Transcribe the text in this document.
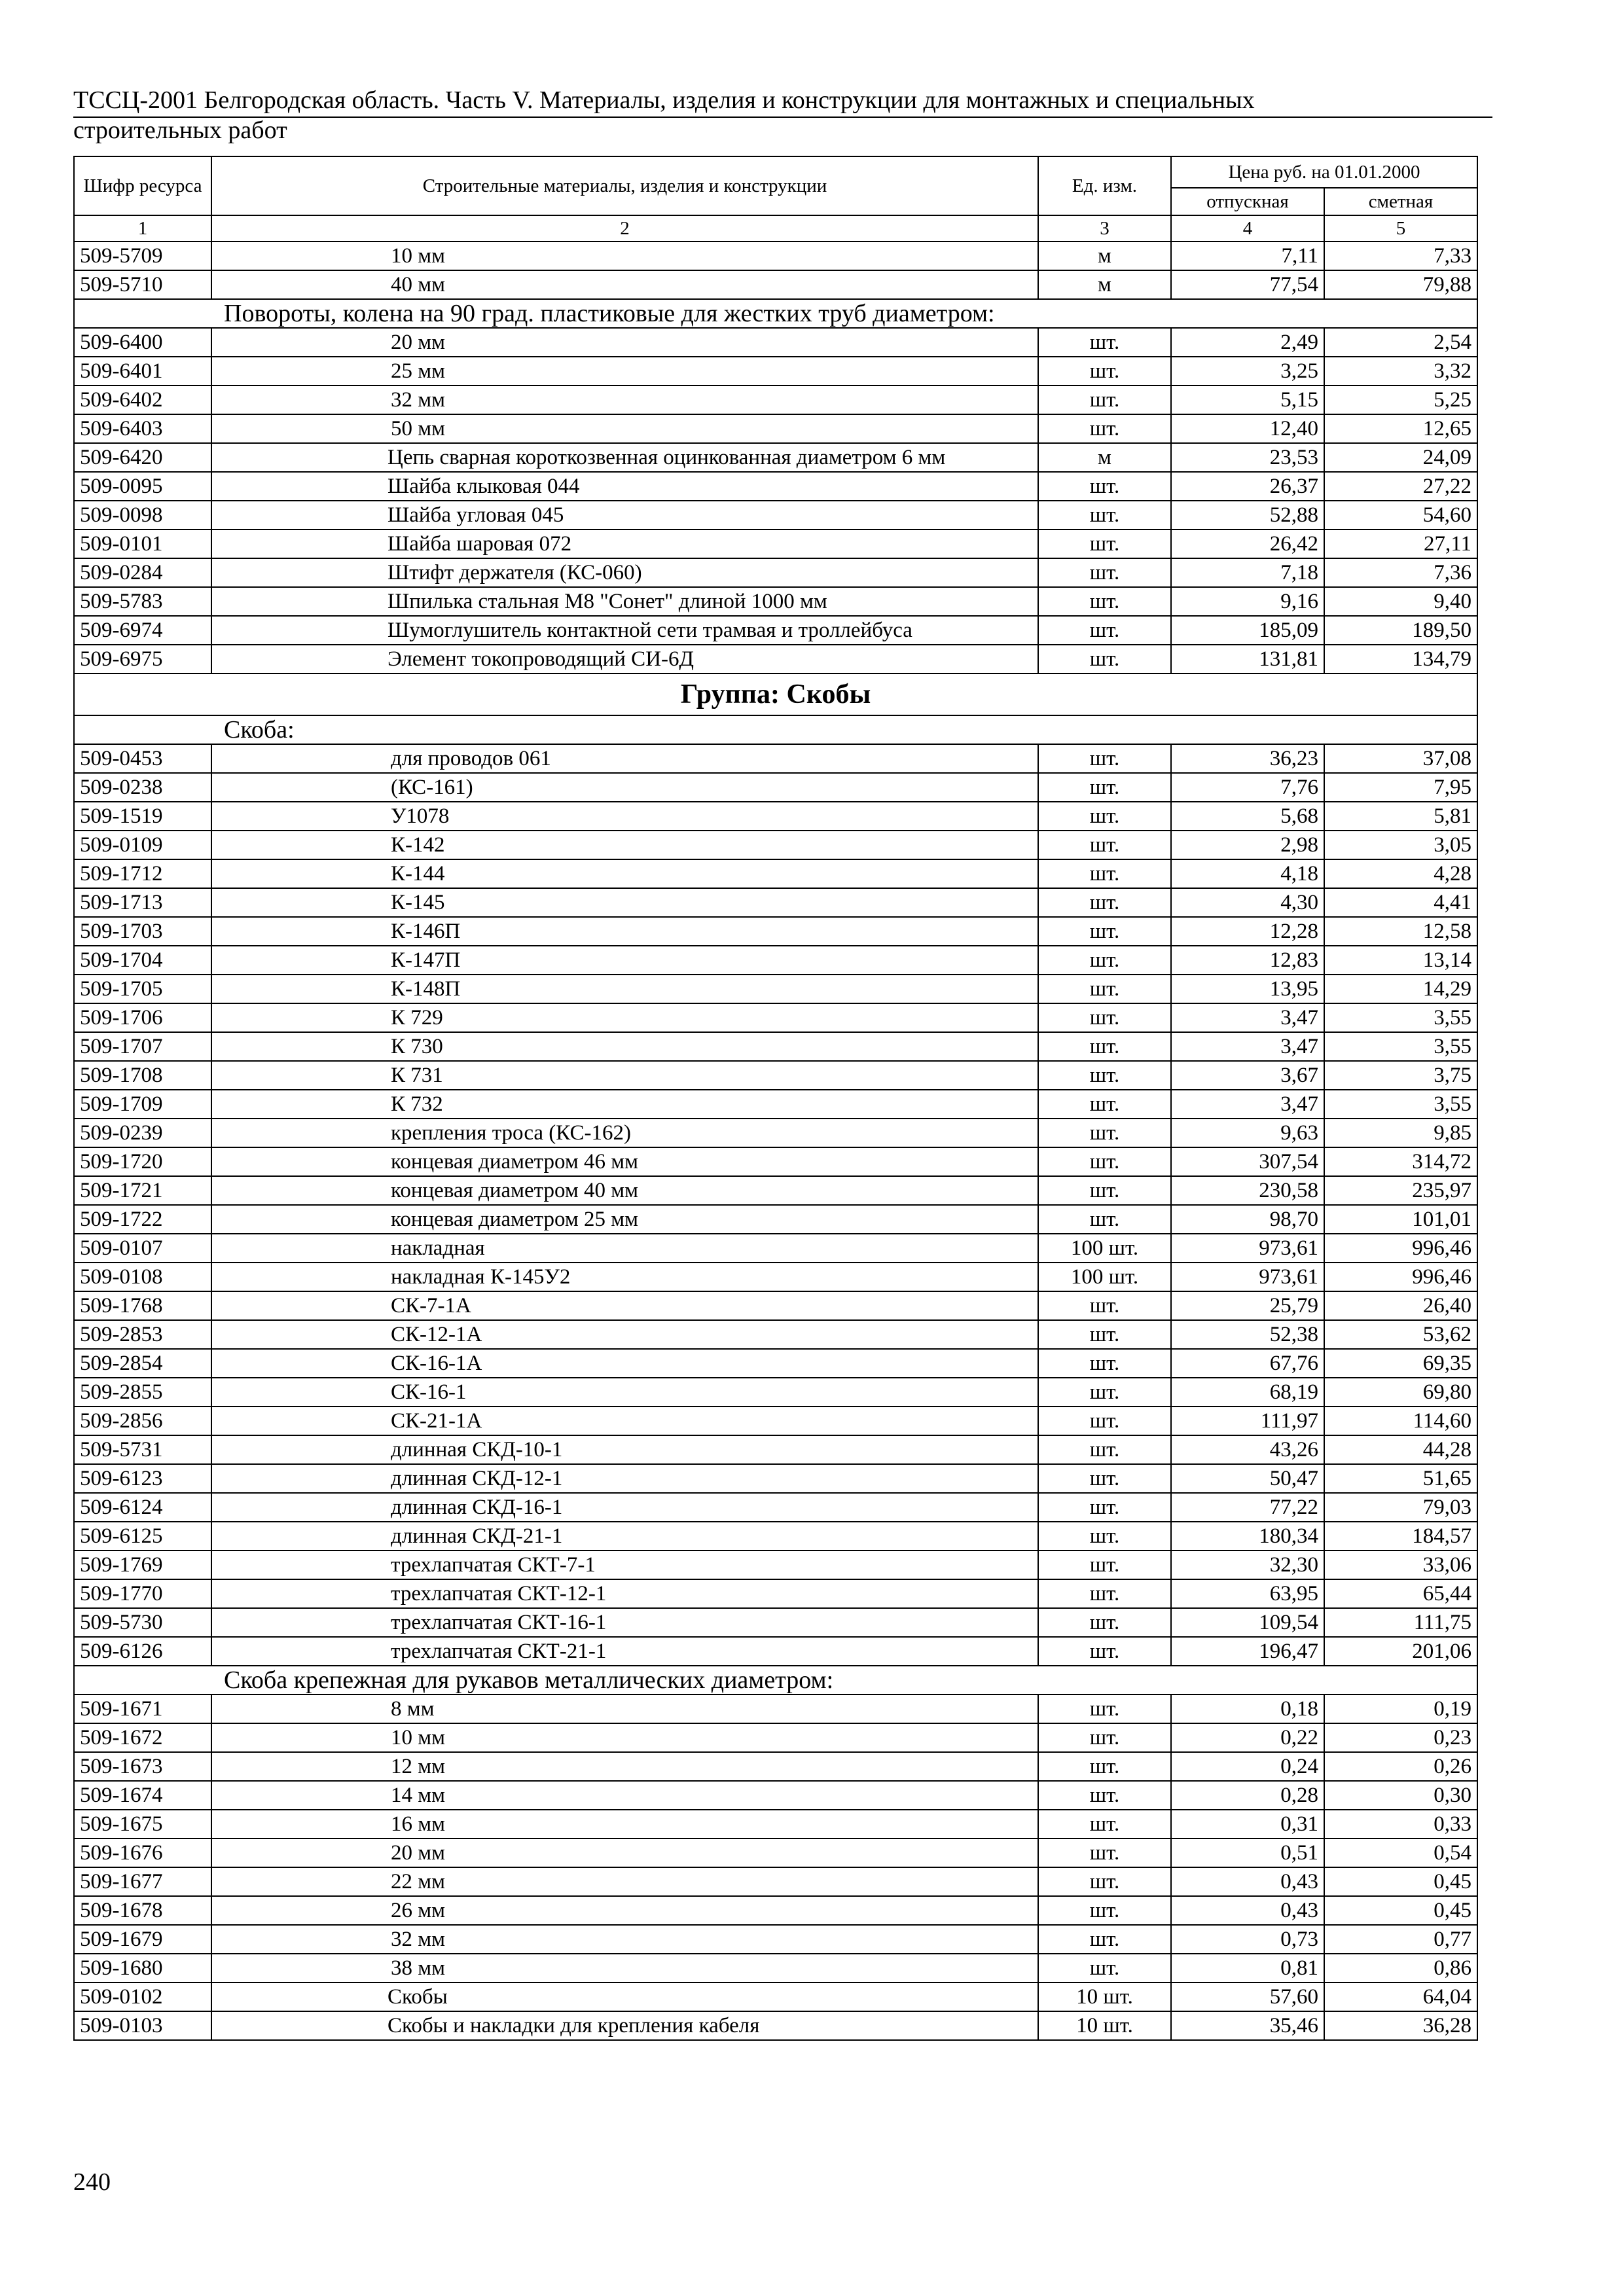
ТССЦ-2001 Белгородская область. Часть V. Материалы, изделия и конструкции для монтажных и специальных
строительных работ
Шифр ресурса	Строительные материалы, изделия и конструкции	Ед. изм.	Цена руб. на 01.01.2000	
			отпускная	сметная
1	2	3	4	5
509-5709	10 мм	м	7,11	7,33
509-5710	40 мм	м	77,54	79,88
Повороты, колена на 90 град. пластиковые для жестких труб диаметром:				
509-6400	20 мм	шт.	2,49	2,54
509-6401	25 мм	шт.	3,25	3,32
509-6402	32 мм	шт.	5,15	5,25
509-6403	50 мм	шт.	12,40	12,65
509-6420	Цепь сварная короткозвенная оцинкованная диаметром 6 мм	м	23,53	24,09
509-0095	Шайба клыковая 044	шт.	26,37	27,22
509-0098	Шайба угловая 045	шт.	52,88	54,60
509-0101	Шайба шаровая 072	шт.	26,42	27,11
509-0284	Штифт держателя (КС-060)	шт.	7,18	7,36
509-5783	Шпилька стальная М8 "Сонет" длиной 1000 мм	шт.	9,16	9,40
509-6974	Шумоглушитель контактной сети трамвая и троллейбуса	шт.	185,09	189,50
509-6975	Элемент токопроводящий СИ-6Д	шт.	131,81	134,79
Группа: Скобы				
Скоба:				
509-0453	для проводов 061	шт.	36,23	37,08
509-0238	(КС-161)	шт.	7,76	7,95
509-1519	У1078	шт.	5,68	5,81
509-0109	К-142	шт.	2,98	3,05
509-1712	К-144	шт.	4,18	4,28
509-1713	К-145	шт.	4,30	4,41
509-1703	К-146П	шт.	12,28	12,58
509-1704	К-147П	шт.	12,83	13,14
509-1705	К-148П	шт.	13,95	14,29
509-1706	К 729	шт.	3,47	3,55
509-1707	К 730	шт.	3,47	3,55
509-1708	К 731	шт.	3,67	3,75
509-1709	К 732	шт.	3,47	3,55
509-0239	крепления троса (КС-162)	шт.	9,63	9,85
509-1720	концевая диаметром 46 мм	шт.	307,54	314,72
509-1721	концевая диаметром 40 мм	шт.	230,58	235,97
509-1722	концевая диаметром 25 мм	шт.	98,70	101,01
509-0107	накладная	100 шт.	973,61	996,46
509-0108	накладная К-145У2	100 шт.	973,61	996,46
509-1768	СК-7-1А	шт.	25,79	26,40
509-2853	СК-12-1А	шт.	52,38	53,62
509-2854	СК-16-1А	шт.	67,76	69,35
509-2855	СК-16-1	шт.	68,19	69,80
509-2856	СК-21-1А	шт.	111,97	114,60
509-5731	длинная СКД-10-1	шт.	43,26	44,28
509-6123	длинная СКД-12-1	шт.	50,47	51,65
509-6124	длинная СКД-16-1	шт.	77,22	79,03
509-6125	длинная СКД-21-1	шт.	180,34	184,57
509-1769	трехлапчатая СКТ-7-1	шт.	32,30	33,06
509-1770	трехлапчатая СКТ-12-1	шт.	63,95	65,44
509-5730	трехлапчатая СКТ-16-1	шт.	109,54	111,75
509-6126	трехлапчатая СКТ-21-1	шт.	196,47	201,06
Скоба крепежная для рукавов металлических диаметром:				
509-1671	8 мм	шт.	0,18	0,19
509-1672	10 мм	шт.	0,22	0,23
509-1673	12 мм	шт.	0,24	0,26
509-1674	14 мм	шт.	0,28	0,30
509-1675	16 мм	шт.	0,31	0,33
509-1676	20 мм	шт.	0,51	0,54
509-1677	22 мм	шт.	0,43	0,45
509-1678	26 мм	шт.	0,43	0,45
509-1679	32 мм	шт.	0,73	0,77
509-1680	38 мм	шт.	0,81	0,86
509-0102	Скобы	10 шт.	57,60	64,04
509-0103	Скобы и накладки для крепления кабеля	10 шт.	35,46	36,28
240
